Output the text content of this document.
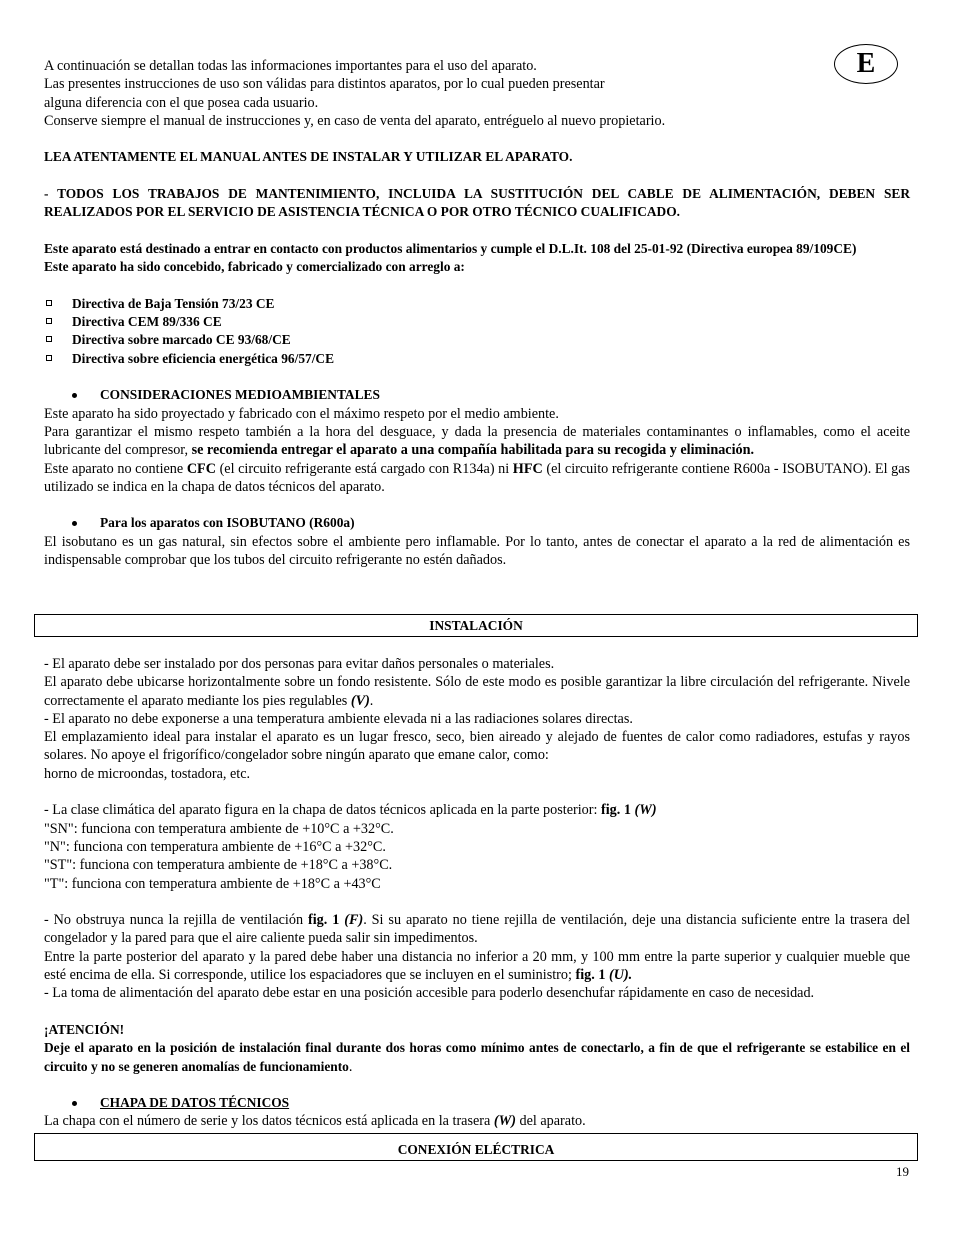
E

A continuación se detallan todas las informaciones importantes para el uso del aparato.

Las presentes instrucciones de uso son válidas para distintos aparatos, por lo cual pueden presentar

alguna diferencia con el que posea cada usuario.

Conserve siempre el manual de instrucciones y, en caso de venta del aparato, entréguelo al nuevo propietario.

LEA ATENTAMENTE EL MANUAL ANTES DE INSTALAR Y UTILIZAR EL APARATO.

- TODOS LOS TRABAJOS DE MANTENIMIENTO, INCLUIDA LA SUSTITUCIÓN DEL CABLE DE ALIMENTACIÓN, DEBEN SER REALIZADOS POR EL SERVICIO DE ASISTENCIA TÉCNICA O POR OTRO TÉCNICO CUALIFICADO.

Este aparato está destinado a entrar en contacto con productos alimentarios y cumple el D.L.It. 108 del 25-01-92 (Directiva europea 89/109CE)

Este aparato ha sido concebido, fabricado y comercializado con arreglo a:

Directiva de Baja Tensión 73/23 CE
Directiva CEM 89/336 CE
Directiva sobre marcado CE 93/68/CE
Directiva sobre eficiencia energética 96/57/CE

CONSIDERACIONES MEDIOAMBIENTALES

Este aparato ha sido proyectado y fabricado con el máximo respeto por el medio ambiente.

Para garantizar el mismo respeto también a la hora del desguace, y dada la presencia de materiales contaminantes o inflamables, como el aceite lubricante del compresor, se recomienda entregar el aparato a una compañía habilitada para su recogida y eliminación.

Este aparato no contiene CFC (el circuito refrigerante está cargado con R134a) ni HFC (el circuito refrigerante contiene R600a - ISOBUTANO). El gas utilizado se indica en la chapa de datos técnicos del aparato.

Para los aparatos con ISOBUTANO (R600a)

El isobutano es un gas natural, sin efectos sobre el ambiente pero inflamable. Por lo tanto, antes de conectar el aparato a la red de alimentación es indispensable comprobar que los tubos del circuito refrigerante no estén dañados.

INSTALACIÓN

- El aparato debe ser instalado por dos personas para evitar daños personales o materiales.

El aparato debe ubicarse horizontalmente sobre un fondo resistente. Sólo de este modo es posible garantizar la libre circulación del refrigerante. Nivele correctamente el aparato mediante los pies regulables (V).

- El aparato no debe exponerse a una temperatura ambiente elevada ni a las radiaciones solares directas.

El emplazamiento ideal para instalar el aparato es un lugar fresco, seco, bien aireado y alejado de fuentes de calor como radiadores, estufas y rayos solares. No apoye el frigorífico/congelador sobre ningún aparato que emane calor, como:

horno de microondas, tostadora, etc.

- La clase climática del aparato figura en la chapa de datos técnicos aplicada en la parte posterior: fig. 1 (W)

"SN": funciona con temperatura ambiente de +10°C a +32°C.

"N": funciona con temperatura ambiente de +16°C a +32°C.

"ST": funciona con temperatura ambiente de +18°C a +38°C.

"T": funciona con temperatura ambiente de +18°C a +43°C

- No obstruya nunca la rejilla de ventilación fig. 1 (F). Si su aparato no tiene rejilla de ventilación, deje una distancia suficiente entre la trasera del congelador y la pared para que el aire caliente pueda salir sin impedimentos.

Entre la parte posterior del aparato y la pared debe haber una distancia no inferior a 20 mm, y 100 mm entre la parte superior y cualquier mueble que esté encima de ella. Si corresponde, utilice los espaciadores que se incluyen en el suministro; fig. 1 (U).

- La toma de alimentación del aparato debe estar en una posición accesible para poderlo desenchufar rápidamente en caso de necesidad.

¡ATENCIÓN!

Deje el aparato en la posición de instalación final durante dos horas como mínimo antes de conectarlo, a fin de que el refrigerante se estabilice en el circuito y no se generen anomalías de funcionamiento.

CHAPA DE DATOS TÉCNICOS

La chapa con el número de serie y los datos técnicos está aplicada en la trasera (W) del aparato.

CONEXIÓN ELÉCTRICA
19
